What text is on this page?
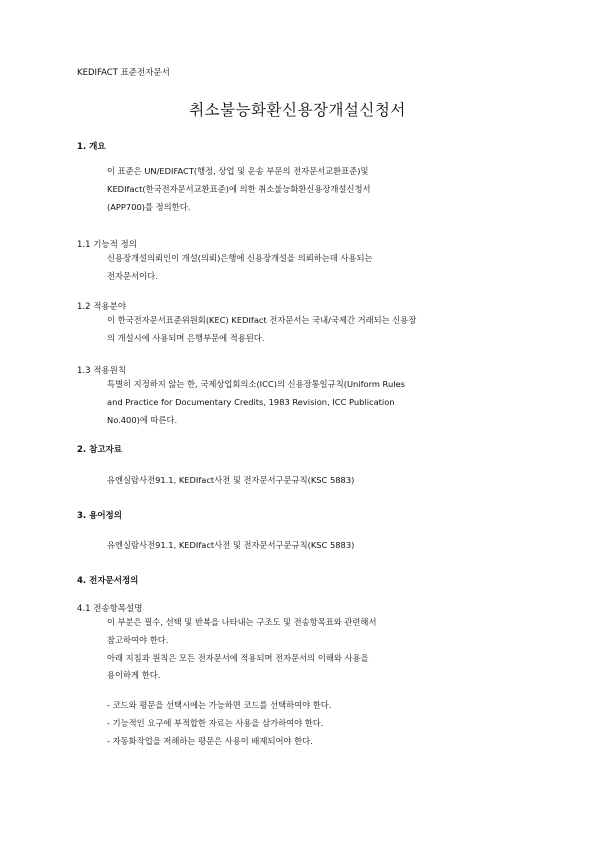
KEDIFACT 표준전자문서
취소불능화환신용장개설신청서
1. 개요
이 표준은 UN/EDIFACT(행정, 상업 및 운송 부문의 전자문서교환표준)및
KEDIfact(한국전자문서교환표준)에 의한 취소불능화환신용장개설신청서
(APP700)를 정의한다.
1.1 기능적 정의
신용장개설의뢰인이 개설(의뢰)은행에 신용장개설을 의뢰하는데 사용되는
전자문서이다.
1.2 적용분야
이 한국전자문서표준위원회(KEC) KEDIfact 전자문서는 국내/국제간 거래되는 신용장
의 개설시에 사용되며 은행부문에 적용된다.
1.3 적용원칙
특별히 지정하지 않는 한, 국제상업회의소(ICC)의 신용장통일규칙(Uniform Rules
and Practice for Documentary Credits, 1983 Revision, ICC Publication
No.400)에 따른다.
2. 참고자료
유엔실람사전91.1, KEDIfact사전 및 전자문서구문규칙(KSC 5883)
3. 용어정의
유엔실람사전91.1, KEDIfact사전 및 전자문서구문규칙(KSC 5883)
4. 전자문서정의
4.1 전송항목설명
이 부분은 필수, 선택 및 반복을 나타내는 구조도 및 전송항목표와 관련해서
참고하여야 한다.
아래 지침과 원칙은 모든 전자문서에 적용되며 전자문서의 이해와 사용을
용이하게 한다.
- 코드와 평문을 선택시에는 가능하면 코드를 선택하여야 한다.
- 기능적인 요구에 부적합한 자료는 사용을 삼가하여야 한다.
- 자동화작업을 저해하는 평문은 사용이 배제되어야 한다.
